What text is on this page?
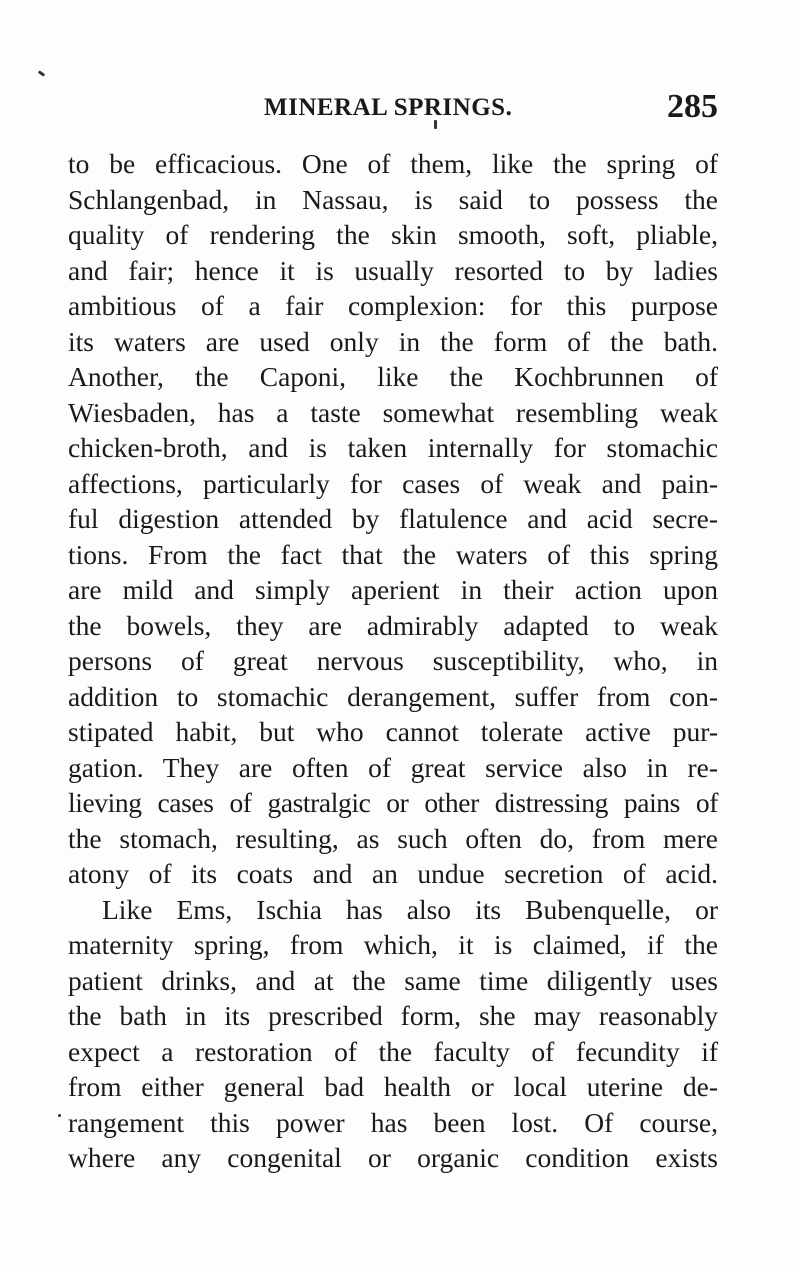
MINERAL SPRINGS.	285
to be efficacious. One of them, like the spring of
Schlangenbad, in Nassau, is said to possess the
quality of rendering the skin smooth, soft, pliable,
and fair; hence it is usually resorted to by ladies
ambitious of a fair complexion: for this purpose
its waters are used only in the form of the bath.
Another, the Caponi, like the Kochbrunnen of
Wiesbaden, has a taste somewhat resembling weak
chicken-broth, and is taken internally for stomachic
affections, particularly for cases of weak and pain-
ful digestion attended by flatulence and acid secre-
tions. From the fact that the waters of this spring
are mild and simply aperient in their action upon
the bowels, they are admirably adapted to weak
persons of great nervous susceptibility, who, in
addition to stomachic derangement, suffer from con-
stipated habit, but who cannot tolerate active pur-
gation. They are often of great service also in re-
lieving cases of gastralgic or other distressing pains of
the stomach, resulting, as such often do, from mere
atony of its coats and an undue secretion of acid.
Like Ems, Ischia has also its Bubenquelle, or
maternity spring, from which, it is claimed, if the
patient drinks, and at the same time diligently uses
the bath in its prescribed form, she may reasonably
expect a restoration of the faculty of fecundity if
from either general bad health or local uterine de-
rangement this power has been lost. Of course,
where any congenital or organic condition exists
